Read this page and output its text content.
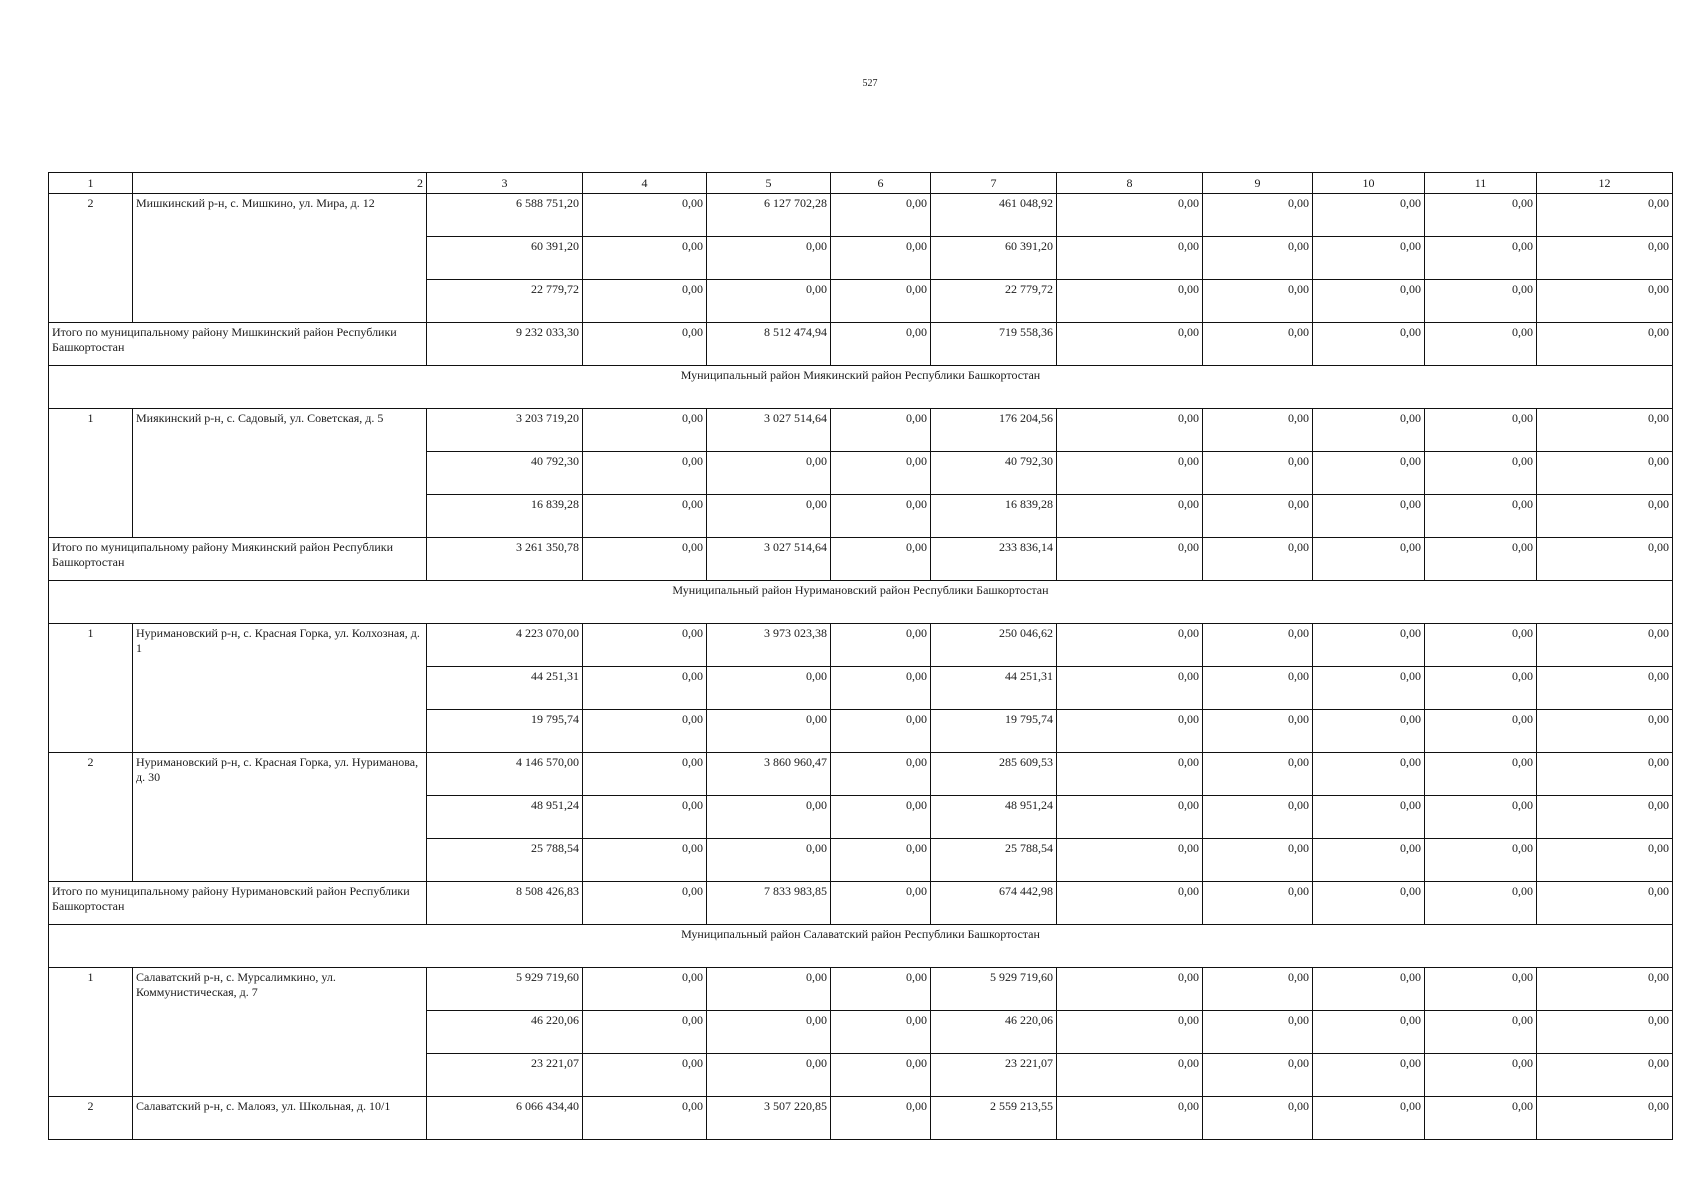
527
1	2	3	4	5	6	7	8	9	10	11	12
2	Мишкинский р-н, с. Мишкино, ул. Мира, д. 12	6 588 751,20	0,00	6 127 702,28	0,00	461 048,92	0,00	0,00	0,00	0,00	0,00
		60 391,20	0,00	0,00	0,00	60 391,20	0,00	0,00	0,00	0,00	0,00
		22 779,72	0,00	0,00	0,00	22 779,72	0,00	0,00	0,00	0,00	0,00
Итого по муниципальному району Мишкинский район Республики Башкортостан		9 232 033,30	0,00	8 512 474,94	0,00	719 558,36	0,00	0,00	0,00	0,00	0,00
Муниципальный район Миякинский район Республики Башкортостан											
1	Миякинский р-н, с. Садовый, ул. Советская, д. 5	3 203 719,20	0,00	3 027 514,64	0,00	176 204,56	0,00	0,00	0,00	0,00	0,00
		40 792,30	0,00	0,00	0,00	40 792,30	0,00	0,00	0,00	0,00	0,00
		16 839,28	0,00	0,00	0,00	16 839,28	0,00	0,00	0,00	0,00	0,00
Итого по муниципальному району Миякинский район Республики Башкортостан		3 261 350,78	0,00	3 027 514,64	0,00	233 836,14	0,00	0,00	0,00	0,00	0,00
Муниципальный район Нуримановский район Республики Башкортостан											
1	Нуримановский р-н, с. Красная Горка, ул. Колхозная, д. 1	4 223 070,00	0,00	3 973 023,38	0,00	250 046,62	0,00	0,00	0,00	0,00	0,00
		44 251,31	0,00	0,00	0,00	44 251,31	0,00	0,00	0,00	0,00	0,00
		19 795,74	0,00	0,00	0,00	19 795,74	0,00	0,00	0,00	0,00	0,00
2	Нуримановский р-н, с. Красная Горка, ул. Нуриманова, д. 30	4 146 570,00	0,00	3 860 960,47	0,00	285 609,53	0,00	0,00	0,00	0,00	0,00
		48 951,24	0,00	0,00	0,00	48 951,24	0,00	0,00	0,00	0,00	0,00
		25 788,54	0,00	0,00	0,00	25 788,54	0,00	0,00	0,00	0,00	0,00
Итого по муниципальному району Нуримановский район Республики Башкортостан		8 508 426,83	0,00	7 833 983,85	0,00	674 442,98	0,00	0,00	0,00	0,00	0,00
Муниципальный район Салаватский район Республики Башкортостан											
1	Салаватский р-н, с. Мурсалимкино, ул. Коммунистическая, д. 7	5 929 719,60	0,00	0,00	0,00	5 929 719,60	0,00	0,00	0,00	0,00	0,00
		46 220,06	0,00	0,00	0,00	46 220,06	0,00	0,00	0,00	0,00	0,00
		23 221,07	0,00	0,00	0,00	23 221,07	0,00	0,00	0,00	0,00	0,00
2	Салаватский р-н, с. Малояз, ул. Школьная, д. 10/1	6 066 434,40	0,00	3 507 220,85	0,00	2 559 213,55	0,00	0,00	0,00	0,00	0,00
